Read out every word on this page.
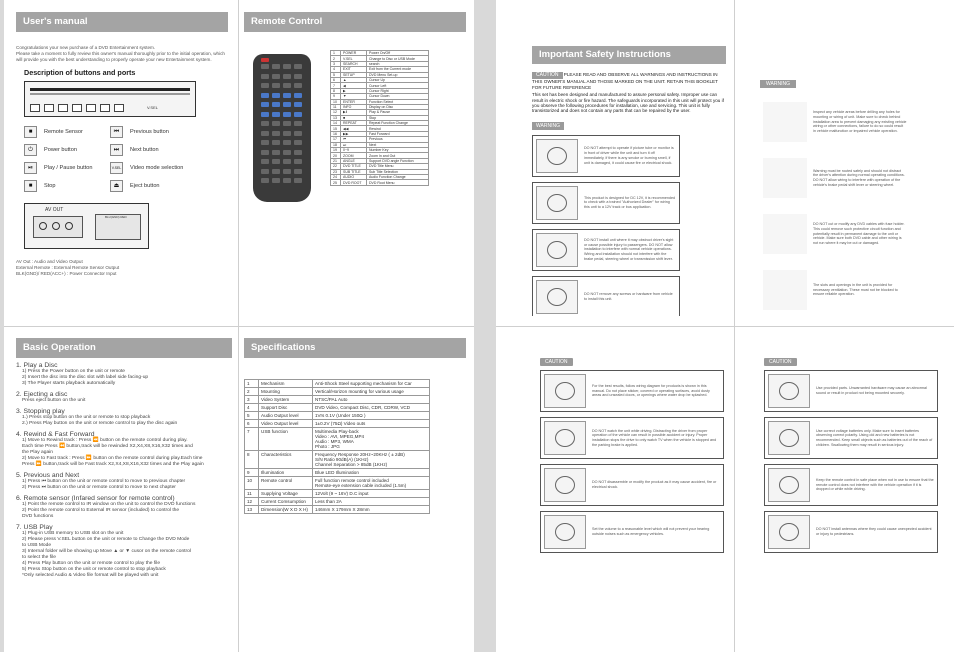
User's manual
Congratulations your new purchase of a DVD Entertainment system.
Please take a moment to fully review this owner's manual thoroughly prior to the initial operation, which will provide you with the best understanding to properly operate your new Entertainment system.
Description of buttons and ports
V.SEL
■	Remote Sensor	⏮	Previous button
⏻	Power button	⏭	Next button
⏯	Play / Pause button	V.SEL	Video mode selection
■	Stop	⏏	Eject button
AV OUT
BLU(GND) RED
AV Out : Audio and Video Output
External Remote : External Remote Sensor Output
BLK(GND)/ RED(ACC+) : Power Connector Input
Remote Control
1	POWER	Power On/Off
2	V.SEL	Change to Disc or USB Mode
3	SEARCH	search
4	EXIT	Exit from the Current mode
5	SETUP	DVD Menu Set-up
6	▲	Cursor Up
7	◀	Cursor Left
8	▶	Cursor Right
9	▼	Cursor Down
10	ENTER	Function Select
11	INFO	Display on Disc
12	▶‖	Play & Pause
13	■	Stop
14	REPEAT	Repeat Function Change
15	◀◀	Rewind
16	▶▶	Fast Forward
17	⏮	Previous
18	⏭	Next
19	0~9	Number Key
20	ZOOM	Zoom In and Out
21	ANGLE	Support DVD angle Function
22	DVD TITLE	DVD Title Menu
23	SUB TITLE	Sub Title Selection
24	AUDIO	Audio Function Change
25	DVD ROOT	DVD Root Menu
Basic Operation
1. Play a Disc
1) Press the Power button on the unit or remote
2) Insert the disc into the disc slot with label side facing-up
3) The Player starts playback automatically
2. Ejecting a disc
Press eject button on the unit
3. Stopping play
1.) Press stop button on the unit or remote to stop playback
2.) Press Play button on the unit or remote control to play the disc again
4. Rewind & Fast Forward
1) Move to Rewind track : Press ⏪ button on the remote control during play.
Each time Press ⏪ button,track will be rewinded X2,X4,X8,X16,X32 times and
the Play again
2) Move to Fast track : Press ⏩ button on the remote control during play.Each time
Press ⏩ button,track will be Fast track X2,X4,X8,X16,X32 times and the Play again
5. Previous and Next
1) Press ⏮ button on the unit or remote control to move to previous chapter
2) Press ⏭ button on the unit or remote control to move to next chapter
6. Remote sensor (Infared sensor for remote control)
1) Point the remote control to IR window on the unit to control the DVD functions
2) Point the remote control to External IR sensor (included) to control the
DVD functions
7. USB Play
1) Plug-in USB memory to USB slot on the unit
2) Please press V.SEL button on the unit or remote to Change the DVD Mode
to USB Mode
3) Internal folder will be showing up Move ▲ or ▼ cusor on the remote control
to select the file
4) Press Play button on the unit or remote control to play the file
5) Press Stop button on the unit or remote control to stop playback
*Only selected Audio & Video file format will be played with unit
Specifications
1	Mechanism	Anti-Shock Steel supporting mechanism for Car
2	Mounting	Vertical/Horizon mounting for various usage
3	Video System	NTSC/PAL Auto
4	Support Disc	DVD Video, Compact Disc, CDR, CDRW, VCD
5	Audio Output level	1Vrs 0.1V (Under 150Ω )
6	Video Output level	1±0.2V (75Ω) Video outs
7	USB function	Multimedia Play-back
Video : AVI, MPEG,MP4
Audio : MP3, WMA
Photo : JPG
8	Characteristics	Frequency Response 20Hz~20KHz ( ± 2dB)
S/N Ratio 90dB(A) (1KHz)
Channel Separation > 85dB (1KHz)
9	Illumination	Blue LED Illumination
10	Remote control	Full function remote control included
Remote-eye extension cable included (1.5m)
11	Supplying Voltage	12Volt (9 ~ 16V) D.C input
12	Current Comsumption	Less than 2A
13	Dimension(W X D X H)	146mm X 179mm X 28mm
Important Safety Instructions
CAUTION PLEASE READ AND OBSERVE ALL WARNINGS AND INSTRUCTIONS IN THIS OWNER'S MANUAL AND THOSE MARKED ON THE UNIT. RETAIN THIS BOOKLET FOR FUTURE REFERENCE
This set has been designed and manufactured to assure personal safety. Improper use can result in electric shock or fire hazard. The safeguards incorporated in this unit will protect you if you observe the following procedures for installation, use and servicing. This unit is fully transistorized and does not contain any parts that can be repaired by the user.
WARNING
DO NOT attempt to operate if picture tube or monitor is in front of driver while the unit and turn it off immediately, if there is any smoke or burning smell, if unit is damaged, it could cause fire or electrical shock.
This product is designed for DC 12V, it is recommended to check with a trained "Authorized Dealer" for wiring this unit to a 12V track or bus application.
DO NOT install unit where it may obstruct driver's sight or cause possible injury to passengers. DO NOT allow installation to interfere with normal vehicle operations. Wiring and installation should not interfere with the brake pedal, steering wheel or transmission shift lever.
DO NOT remove any screws or hardware from vehicle to install this unit.
WARNING
Inspect any vehicle areas before drilling any holes for mounting or wiring of unit. Make sure to check behind installation area to prevent damaging any existing vehicle wiring or other connections, failure to do so could result in vehicle malfunction or impaired vehicle operation.
Warning must be routed safely and should not distract the driver's attention during normal operating conditions. DO NOT allow wiring to interfere with operation of the vehicle's brake pedal shift lever or steering wheel.
DO NOT cut or modify any DVD cables with fuse holder. This could remove such protective circuit function and potentially result in permanent damage to the unit or vehicle. Make sure both DVD cable and other wiring is not run where it may be cut or damaged.
The slots and openings in the unit is provided for necessary ventilation. These must not be blocked to ensure reliable operation.
CAUTION
For the best results, follow wiring diagram for products is shown in this manual. Do not place sticker, covered or operating surfaces, avoid dusty areas and unsealed doors, or openings where water drop be splashed.
DO NOT watch the unit while driving. Distracting the driver from proper operation of the vehicle can result in possible accident or injury. Proper installation stops the drive to only watch TV when the vehicle is stopped and the parking brake is applied.
DO NOT disassemble or modify the product as it may cause accident, fire or electrical shock.
Set the volume to a reasonable level which will not prevent your hearing outside noises such as emergency vehicles.
CAUTION
Use provided parts. Unwarranted hardware may cause an abnormal sound or result in product not being mounted securely.
Use correct voltage batteries only. Make sure to insert batteries observing correct polarity. Using old and new batteries is not recommended. Keep small objects such as batteries out of the reach of children. Swallowing them may result in serious injury.
Keep the remote control in safe place when not in use to ensure that the remote control does not interfere with the vehicle operation if it is dropped or while while driving.
DO NOT install antennas where they could cause unexpected accident or injury to pedestrians.
